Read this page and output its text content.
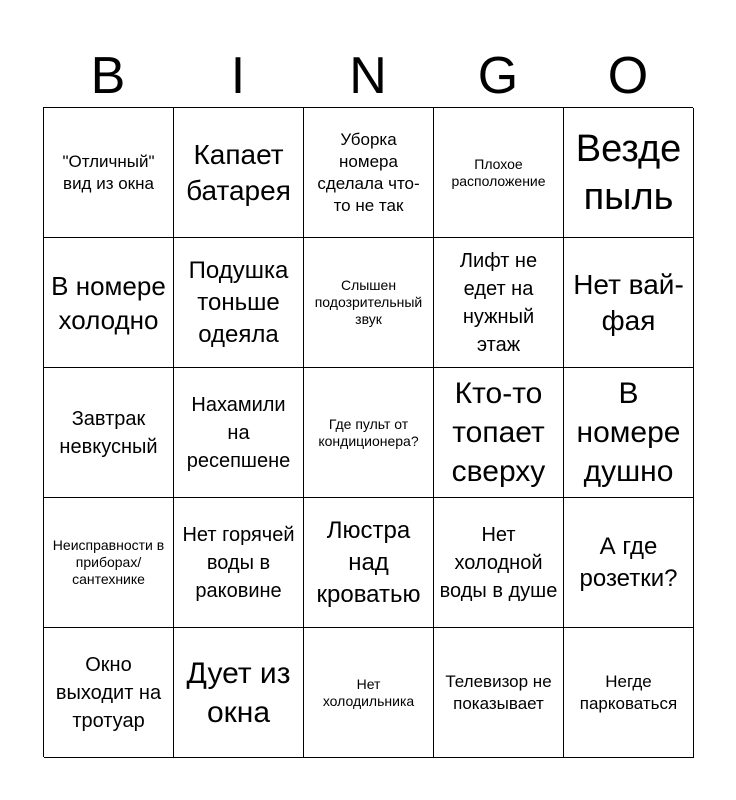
B	I	N	G	O
"Отличный" вид из окна
Капает батарея
Уборка номера сделала что-то не так
Плохое расположение
Везде пыль
В номере холодно
Подушка тоньше одеяла
Слышен подозрительный звук
Лифт не едет на нужный этаж
Нет вай-фая
Завтрак невкусный
Нахамили на ресепшене
Где пульт от кондиционера?
Кто-то топает сверху
В номере душно
Неисправности в приборах/ сантехнике
Нет горячей воды в раковине
Люстра над кроватью
Нет холодной воды в душе
А где розетки?
Окно выходит на тротуар
Дует из окна
Нет холодильника
Телевизор не показывает
Негде парковаться
